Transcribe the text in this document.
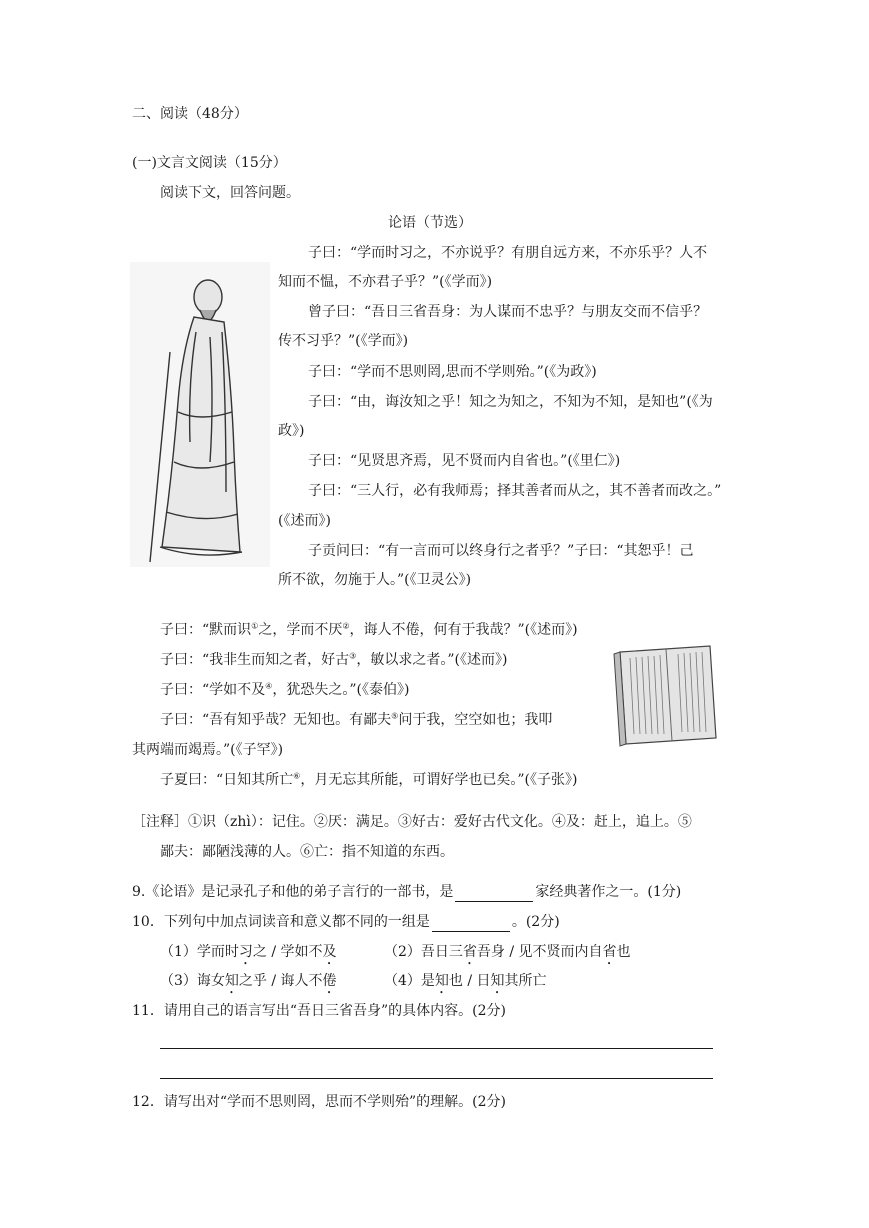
二、阅读（48分）
(一)文言文阅读（15分）
阅读下文，回答问题。
论语（节选）
子曰：“学而时习之，不亦说乎？有朋自远方来，不亦乐乎？人不
知而不愠，不亦君子乎？”(《学而》)
曾子曰：“吾日三省吾身：为人谋而不忠乎？与朋友交而不信乎？
传不习乎？”(《学而》)
子曰：“学而不思则罔,思而不学则殆。”(《为政》)
子曰：“由，诲汝知之乎！知之为知之，不知为不知，是知也”(《为
政》)
子曰：“见贤思齐焉，见不贤而内自省也。”(《里仁》)
子曰：“三人行，必有我师焉；择其善者而从之，其不善者而改之。”
(《述而》)
子贡问曰：“有一言而可以终身行之者乎？”子曰：“其恕乎！己
所不欲，勿施于人。”(《卫灵公》)
子曰：“默而识①之，学而不厌②，诲人不倦，何有于我哉？”(《述而》)
子曰：“我非生而知之者，好古③，敏以求之者。”(《述而》)
子曰：“学如不及④，犹恐失之。”(《泰伯》)
子曰：“吾有知乎哉？无知也。有鄙夫⑤问于我，空空如也；我叩
其两端而竭焉。”(《子罕》)
子夏曰：“日知其所亡⑥，月无忘其所能，可谓好学也已矣。”(《子张》)
［注释］①识（zhì）：记住。②厌：满足。③好古：爱好古代文化。④及：赶上，追上。⑤
鄙夫：鄙陋浅薄的人。⑥亡：指不知道的东西。
9.《论语》是记录孔子和他的弟子言行的一部书，是	家经典著作之一。(1分)
10．下列句中加点词读音和意义都不同的一组是	。(2分)
（1）学而时习之 / 学如不及	（2）吾日三省吾身 / 见不贤而内自省也
（3）诲女知之乎 / 诲人不倦	（4）是知也 / 日知其所亡
11．请用自己的语言写出“吾日三省吾身”的具体内容。(2分)
12．请写出对“学而不思则罔，思而不学则殆”的理解。(2分)
